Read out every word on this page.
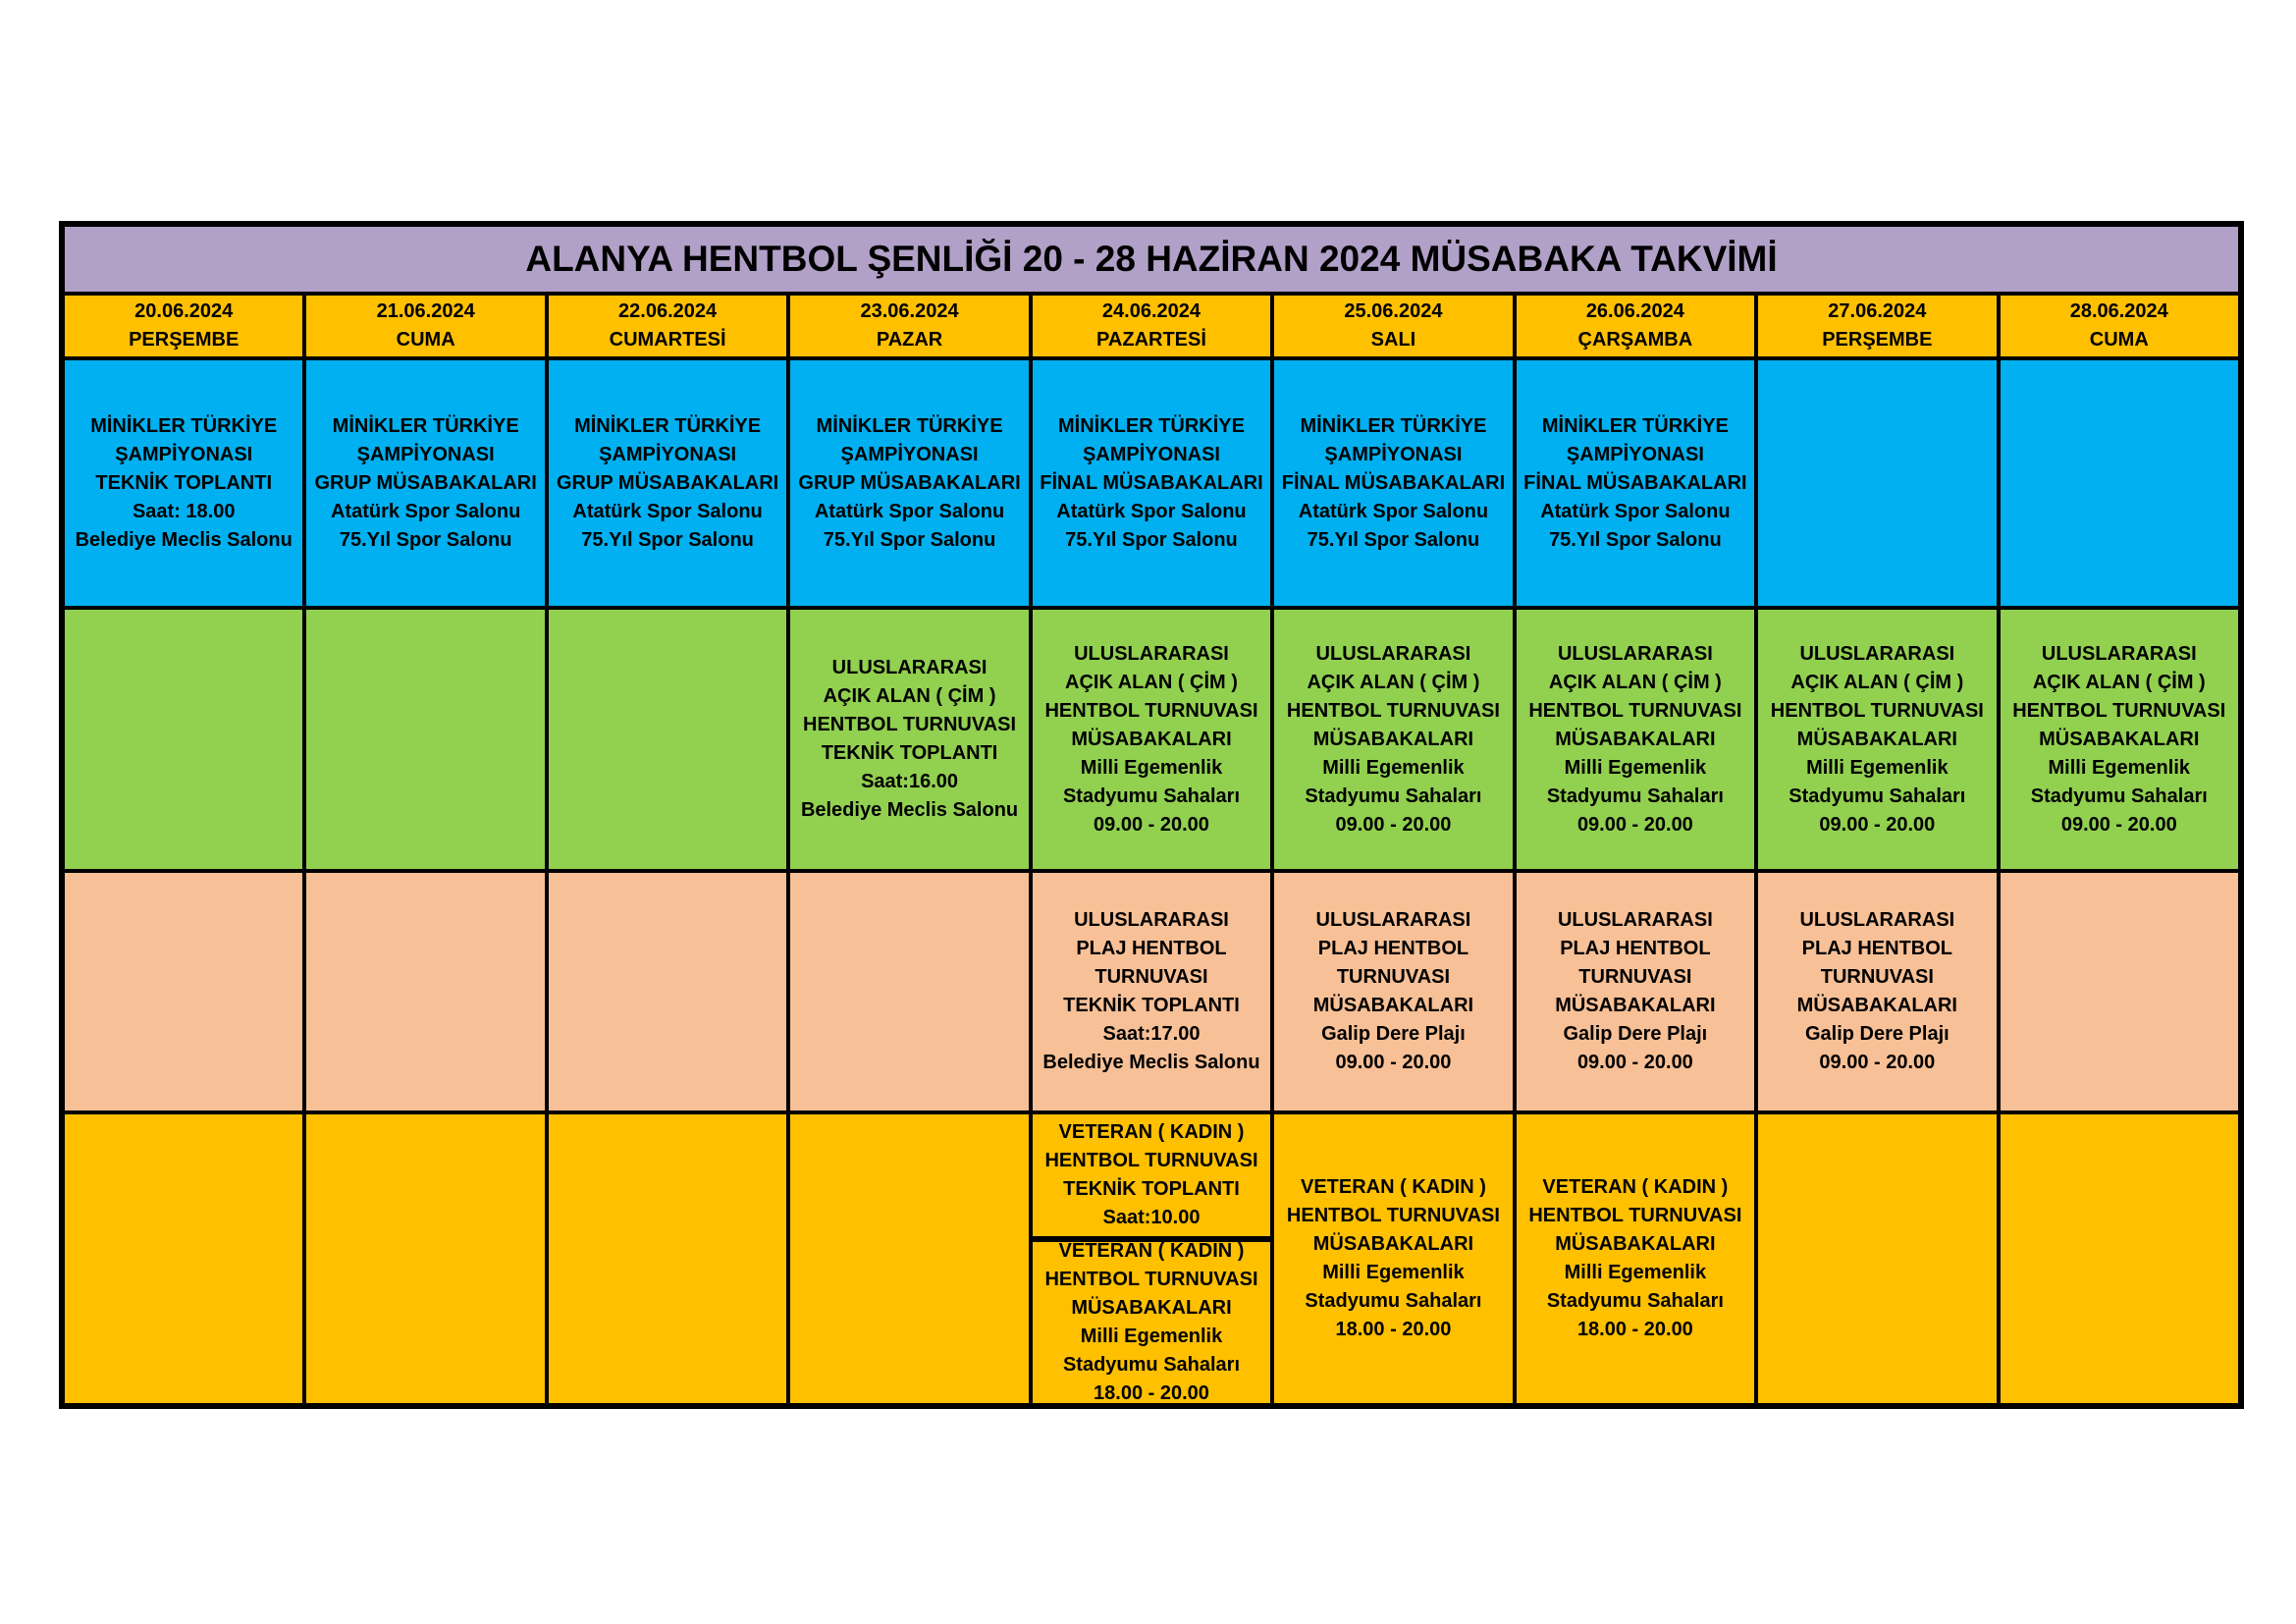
ALANYA HENTBOL ŞENLİĞİ 20 - 28 HAZİRAN 2024 MÜSABAKA TAKVİMİ
20.06.2024
PERŞEMBE
21.06.2024
CUMA
22.06.2024
CUMARTESİ
23.06.2024
PAZAR
24.06.2024
PAZARTESİ
25.06.2024
SALI
26.06.2024
ÇARŞAMBA
27.06.2024
PERŞEMBE
28.06.2024
CUMA
MİNİKLER TÜRKİYE
ŞAMPİYONASI
TEKNİK TOPLANTI
Saat: 18.00
Belediye Meclis Salonu
MİNİKLER TÜRKİYE
ŞAMPİYONASI
GRUP MÜSABAKALARI
Atatürk Spor Salonu
75.Yıl Spor Salonu
MİNİKLER TÜRKİYE
ŞAMPİYONASI
GRUP MÜSABAKALARI
Atatürk Spor Salonu
75.Yıl Spor Salonu
MİNİKLER TÜRKİYE
ŞAMPİYONASI
GRUP MÜSABAKALARI
Atatürk Spor Salonu
75.Yıl Spor Salonu
MİNİKLER TÜRKİYE
ŞAMPİYONASI
FİNAL MÜSABAKALARI
Atatürk Spor Salonu
75.Yıl Spor Salonu
MİNİKLER TÜRKİYE
ŞAMPİYONASI
FİNAL MÜSABAKALARI
Atatürk Spor Salonu
75.Yıl Spor Salonu
MİNİKLER TÜRKİYE
ŞAMPİYONASI
FİNAL MÜSABAKALARI
Atatürk Spor Salonu
75.Yıl Spor Salonu
ULUSLARARASI
AÇIK ALAN ( ÇİM )
HENTBOL TURNUVASI
TEKNİK TOPLANTI
Saat:16.00
Belediye Meclis Salonu
ULUSLARARASI
AÇIK ALAN ( ÇİM )
HENTBOL TURNUVASI
MÜSABAKALARI
Milli Egemenlik
Stadyumu Sahaları
09.00 - 20.00
ULUSLARARASI
AÇIK ALAN ( ÇİM )
HENTBOL TURNUVASI
MÜSABAKALARI
Milli Egemenlik
Stadyumu Sahaları
09.00 - 20.00
ULUSLARARASI
AÇIK ALAN ( ÇİM )
HENTBOL TURNUVASI
MÜSABAKALARI
Milli Egemenlik
Stadyumu Sahaları
09.00 - 20.00
ULUSLARARASI
AÇIK ALAN ( ÇİM )
HENTBOL TURNUVASI
MÜSABAKALARI
Milli Egemenlik
Stadyumu Sahaları
09.00 - 20.00
ULUSLARARASI
AÇIK ALAN ( ÇİM )
HENTBOL TURNUVASI
MÜSABAKALARI
Milli Egemenlik
Stadyumu Sahaları
09.00 - 20.00
ULUSLARARASI
PLAJ HENTBOL
TURNUVASI
TEKNİK TOPLANTI
Saat:17.00
Belediye Meclis Salonu
ULUSLARARASI
PLAJ HENTBOL
TURNUVASI
MÜSABAKALARI
Galip Dere Plajı
09.00 - 20.00
ULUSLARARASI
PLAJ HENTBOL
TURNUVASI
MÜSABAKALARI
Galip Dere Plajı
09.00 - 20.00
ULUSLARARASI
PLAJ HENTBOL
TURNUVASI
MÜSABAKALARI
Galip Dere Plajı
09.00 - 20.00
VETERAN ( KADIN )
HENTBOL TURNUVASI
TEKNİK TOPLANTI
Saat:10.00
VETERAN ( KADIN )
HENTBOL TURNUVASI
MÜSABAKALARI
Milli Egemenlik
Stadyumu Sahaları
18.00 - 20.00
VETERAN ( KADIN )
HENTBOL TURNUVASI
MÜSABAKALARI
Milli Egemenlik
Stadyumu Sahaları
18.00 - 20.00
VETERAN ( KADIN )
HENTBOL TURNUVASI
MÜSABAKALARI
Milli Egemenlik
Stadyumu Sahaları
18.00 - 20.00
